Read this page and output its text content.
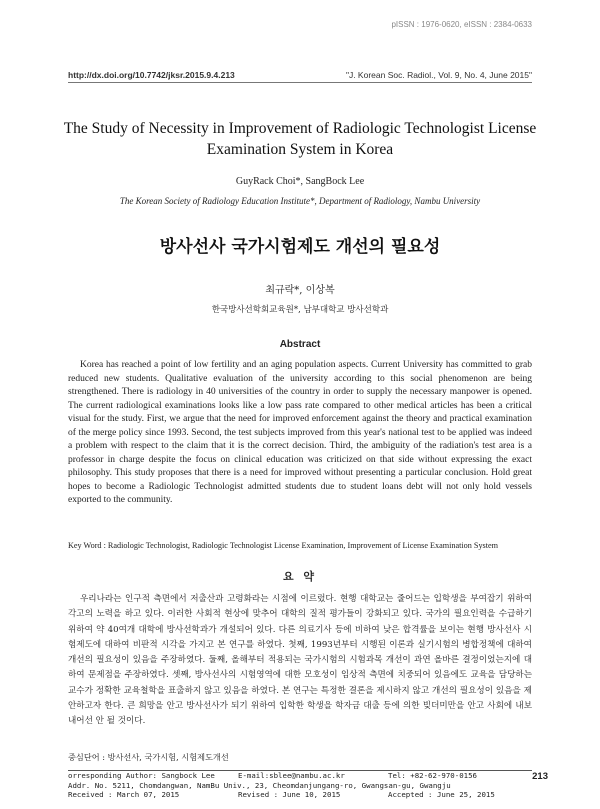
pISSN : 1976-0620, eISSN : 2384-0633
http://dx.doi.org/10.7742/jksr.2015.9.4.213	"J. Korean Soc. Radiol., Vol. 9, No. 4, June 2015"
The Study of Necessity in Improvement of Radiologic Technologist License Examination System in Korea
GuyRack Choi*, SangBock Lee
The Korean Society of Radiology Education Institute*, Department of Radiology, Nambu University
방사선사 국가시험제도 개선의 필요성
최규락*, 이상복
한국방사선학회교육원*, 남부대학교 방사선학과
Abstract
Korea has reached a point of low fertility and an aging population aspects. Current University has committed to grab reduced new students. Qualitative evaluation of the university according to this social phenomenon are being strengthened. There is radiology in 40 universities of the country in order to supply the necessary manpower is opened. The current radiological examinations looks like a low pass rate compared to other medical articles has been a critical visual for the study. First, we argue that the need for improved enforcement against the theory and practical examination of the merge policy since 1993. Second, the test subjects improved from this year's national test to be applied was indeed a problem with respect to the claim that it is the correct decision. Third, the ambiguity of the radiation's test area is a professor in charge despite the focus on clinical education was criticized on that side without expressing the exact philosophy. This study proposes that there is a need for improved without presenting a particular conclusion. Hold great hopes to become a Radiologic Technologist admitted students due to student loans debt will not only hold vessels exported to the community.
Key Word : Radiologic Technologist, Radiologic Technologist License Examination, Improvement of License Examination System
요 약
우리나라는 인구적 측면에서 저출산과 고령화라는 시점에 이르렀다. 현행 대학교는 줄어드는 입학생을 부여잡기 위하여 각고의 노력을 하고 있다. 이러한 사회적 현상에 맞추어 대학의 질적 평가들이 강화되고 있다. 국가의 필요인력을 수급하기 위하여 약 40여개 대학에 방사선학과가 개설되어 있다. 다른 의료기사 등에 비하여 낮은 합격률을 보이는 현행 방사선사 시험제도에 대하여 비판적 시각을 가지고 본 연구를 하였다. 첫째, 1993년부터 시행된 이론과 실기시험의 병합정책에 대하여 개선의 필요성이 있음을 주장하였다. 둘째, 올해부터 적용되는 국가시험의 시험과목 개선이 과연 올바른 결정이었는지에 대하여 문제점을 주장하였다. 셋째, 방사선사의 시험영역에 대한 모호성이 임상적 측면에 치중되어 있음에도 교육을 담당하는 교수가 정확한 교육철학을 표출하지 않고 있음을 하였다. 본 연구는 특정한 결론을 제시하지 않고 개선의 필요성이 있음을 제안하고자 한다. 큰 희망을 안고 방사선사가 되기 위하여 입학한 학생을 학자금 대출 등에 의한 빚더미만을 안고 사회에 내보내어선 안 될 것이다.
중심단어 : 방사선사, 국가시험, 시험제도개선
orresponding Author: Sangbock Lee	E-mail:sblee@nambu.ac.kr	Tel: +82-62-970-0156
Addr. No. 5211, Chomdangwan, NamBu Univ., 23, Cheomdanjungang-ro, Gwangsan-gu, Gwangju
Received : March 07, 2015	Revised : June 10, 2015	Accepted : June 25, 2015
213
